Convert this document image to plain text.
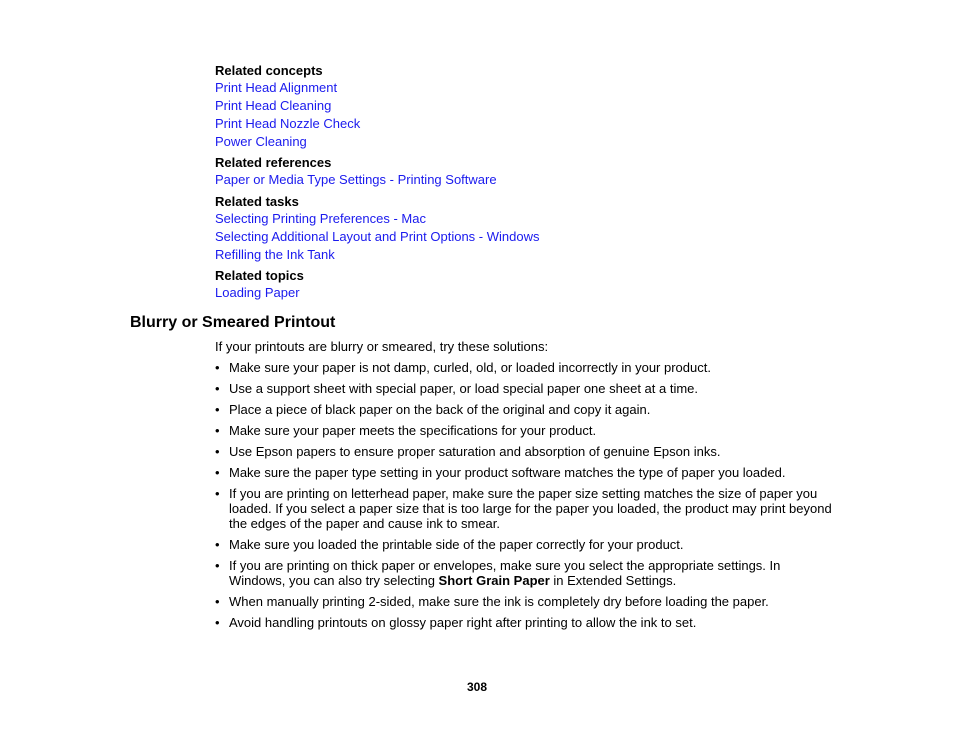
Related concepts

Print Head Alignment
Print Head Cleaning
Print Head Nozzle Check
Power Cleaning

Related references

Paper or Media Type Settings - Printing Software

Related tasks

Selecting Printing Preferences - Mac
Selecting Additional Layout and Print Options - Windows
Refilling the Ink Tank

Related topics

Loading Paper
Blurry or Smeared Printout

If your printouts are blurry or smeared, try these solutions:

• Make sure your paper is not damp, curled, old, or loaded incorrectly in your product.
• Use a support sheet with special paper, or load special paper one sheet at a time.
• Place a piece of black paper on the back of the original and copy it again.
• Make sure your paper meets the specifications for your product.
• Use Epson papers to ensure proper saturation and absorption of genuine Epson inks.
• Make sure the paper type setting in your product software matches the type of paper you loaded.
• If you are printing on letterhead paper, make sure the paper size setting matches the size of paper you loaded. If you select a paper size that is too large for the paper you loaded, the product may print beyond the edges of the paper and cause ink to smear.
• Make sure you loaded the printable side of the paper correctly for your product.
• If you are printing on thick paper or envelopes, make sure you select the appropriate settings. In Windows, you can also try selecting Short Grain Paper in Extended Settings.
• When manually printing 2-sided, make sure the ink is completely dry before loading the paper.
• Avoid handling printouts on glossy paper right after printing to allow the ink to set.
308
